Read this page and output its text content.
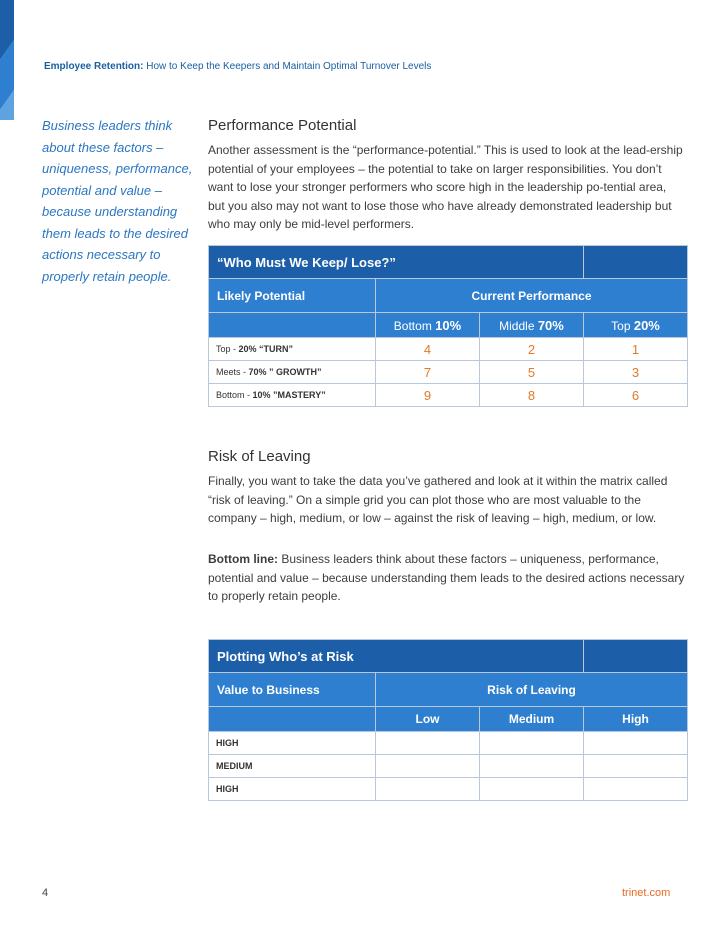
Employee Retention: How to Keep the Keepers and Maintain Optimal Turnover Levels
Business leaders think about these factors – uniqueness, performance, potential and value – because understanding them leads to the desired actions necessary to properly retain people.
Performance Potential
Another assessment is the “performance-potential.” This is used to look at the lead-ership potential of your employees – the potential to take on larger responsibilities. You don’t want to lose your stronger performers who score high in the leadership po-tential area, but you also may not want to lose those who have already demonstrated leadership but who may only be mid-level performers.
“Who Must We Keep/ Lose?”			
Likely Potential	Current Performance		
	Bottom 10%	Middle 70%	Top 20%
Top - 20% “TURN”	4	2	1
Meets - 70% ” GROWTH”	7	5	3
Bottom - 10% ”MASTERY”	9	8	6
Risk of Leaving
Finally, you want to take the data you’ve gathered and look at it within the matrix called “risk of leaving.” On a simple grid you can plot those who are most valuable to the company – high, medium, or low – against the risk of leaving – high, medium, or low.
Bottom line: Business leaders think about these factors – uniqueness, performance, potential and value – because understanding them leads to the desired actions necessary to properly retain people.
Plotting Who’s at Risk			
Value to Business	Risk of Leaving		
	Low	Medium	High
HIGH			
MEDIUM			
HIGH			
4	trinet.com
